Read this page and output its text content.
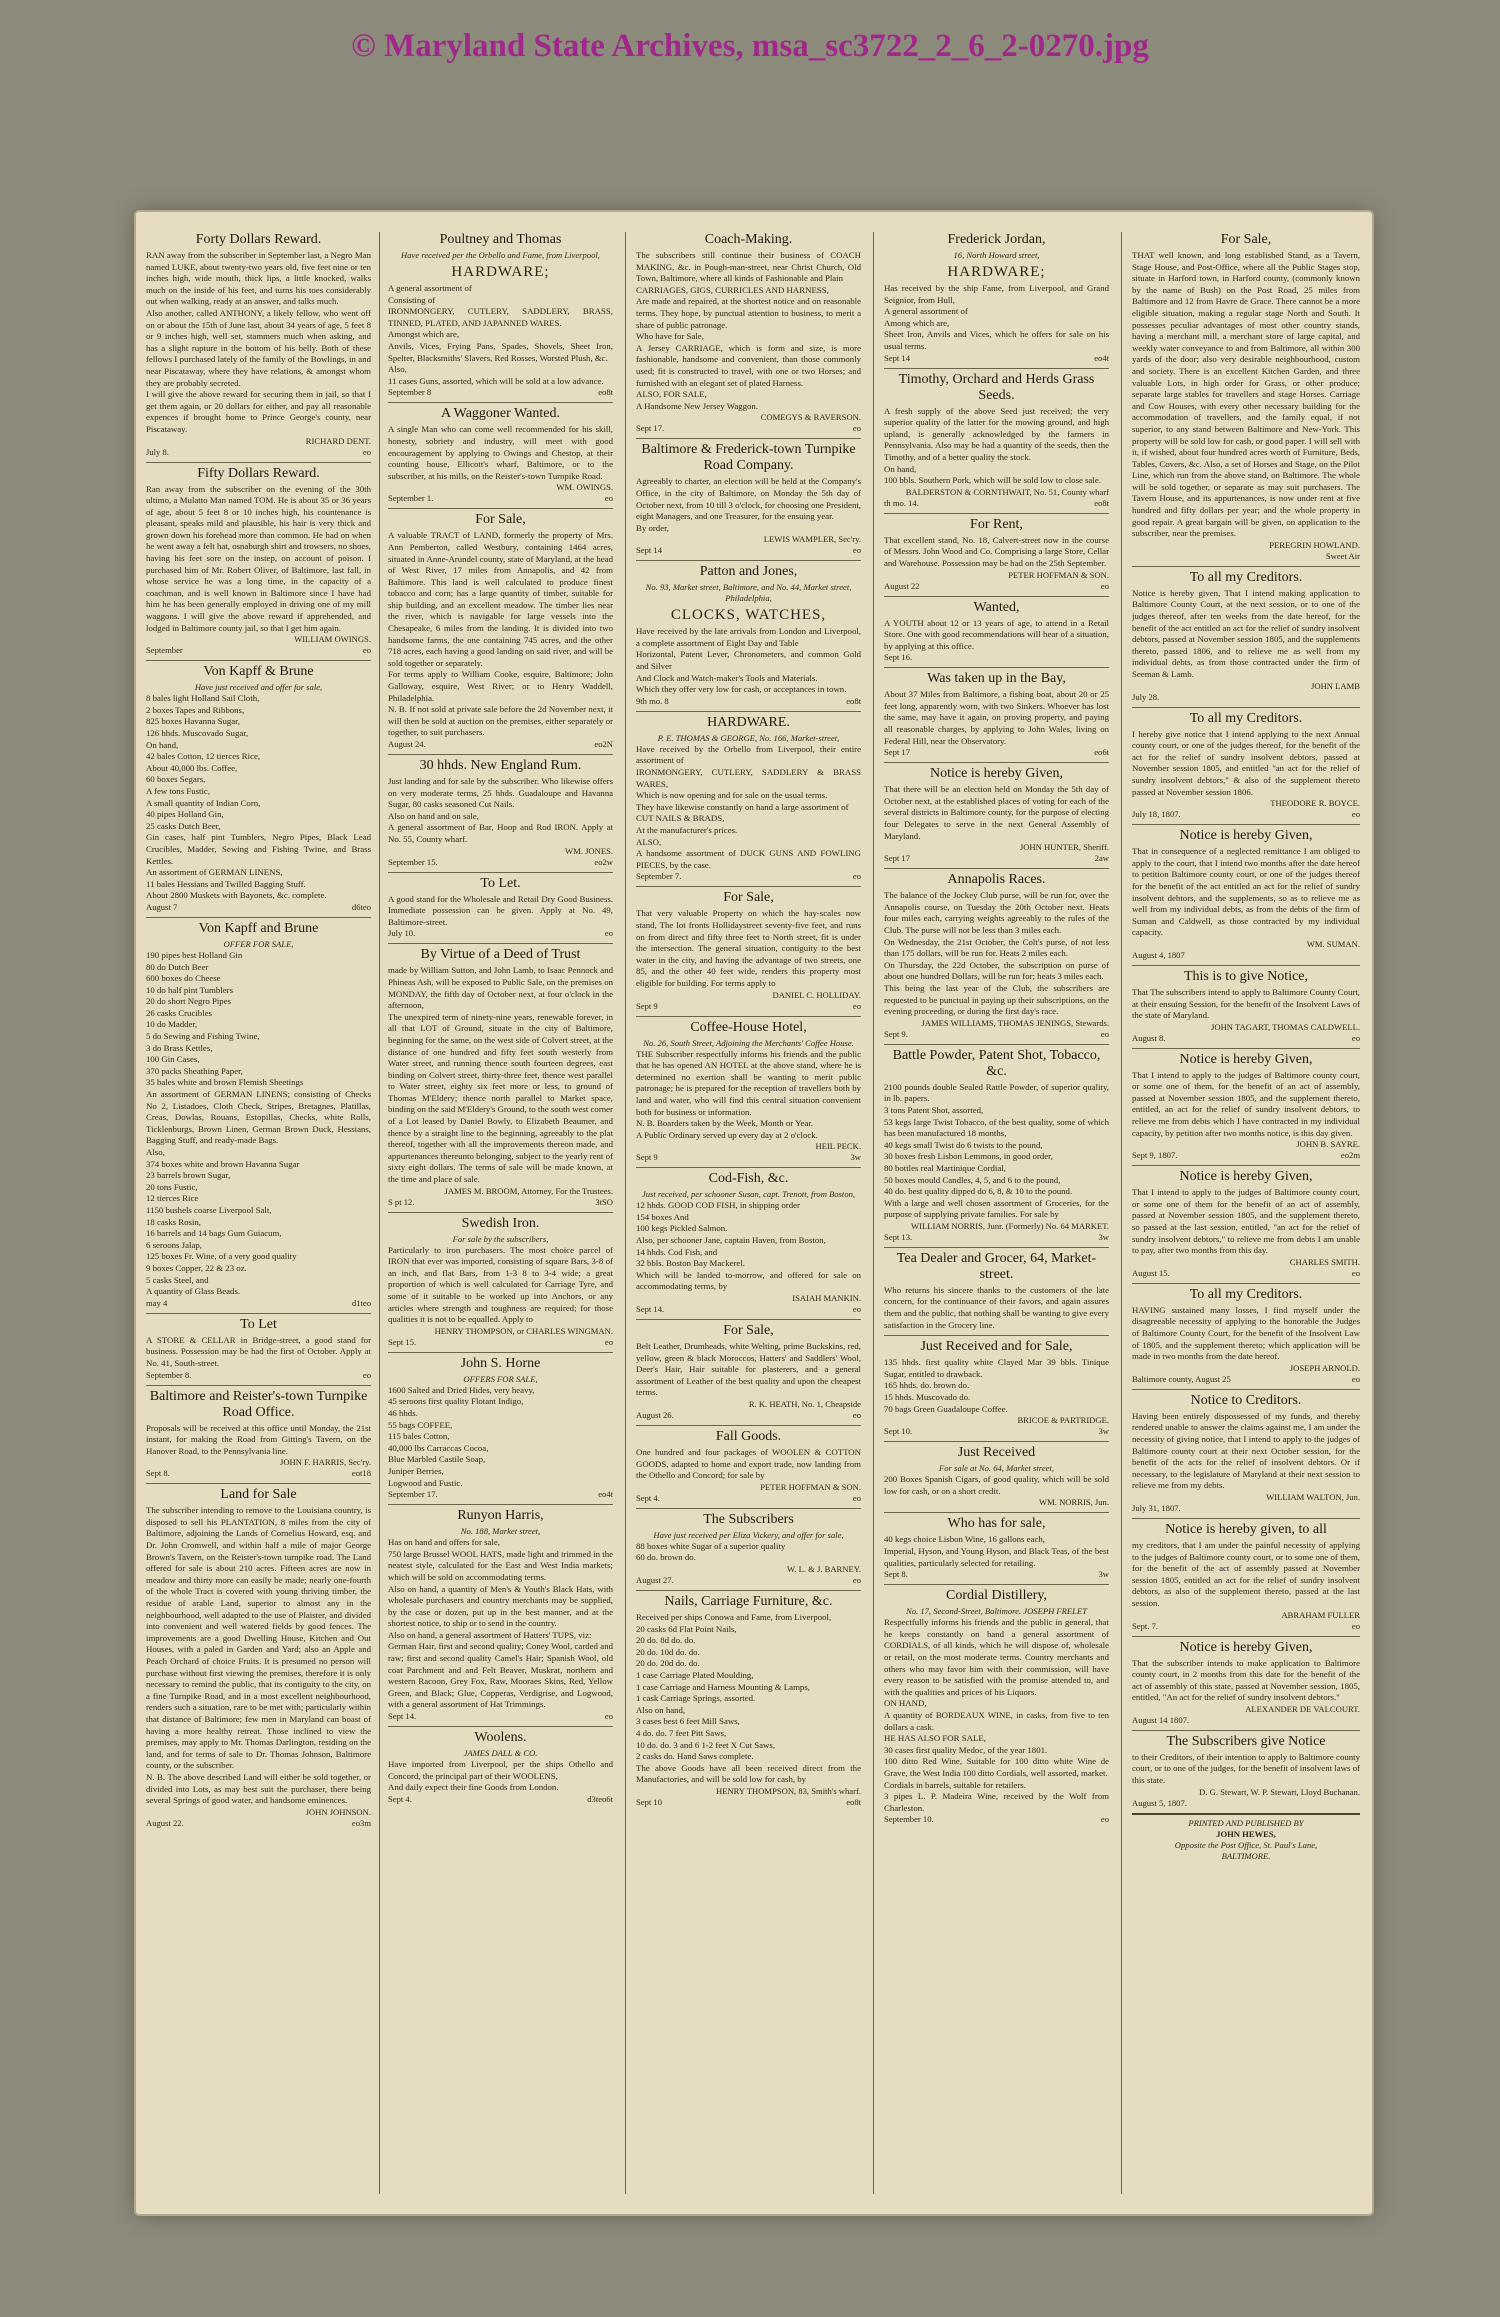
© Maryland State Archives, msa_sc3722_2_6_2-0270.jpg
Forty Dollars Reward.
RAN away from the subscriber in September last, a Negro Man named LUKE, about twenty-two years old, five feet nine or ten inches high, wide mouth, thick lips, a little knocked, walks much on the inside of his feet, and turns his toes considerably out when walking, ready at an answer, and talks much.
Also another, called ANTHONY, a likely fellow, who went off on or about the 15th of June last, about 34 years of age, 5 feet 8 or 9 inches high, well set, stammers much when asking, and has a slight rupture in the bottom of his belly. Both of these fellows I purchased lately of the family of the Bowlings, in and near Piscataway, where they have relations, & amongst whom they are probably secreted.
I will give the above reward for securing them in jail, so that I get them again, or 20 dollars for either, and pay all reasonable expences if brought home to Prince George's county, near Piscataway.
RICHARD DENT.
July 8.	eo
Fifty Dollars Reward.
Ran away from the subscriber on the evening of the 30th ultimo, a Mulatto Man named TOM. He is about 35 or 36 years of age, about 5 feet 8 or 10 inches high, his countenance is pleasant, speaks mild and plausible, his hair is very thick and grown down his forehead more than common. He had on when he went away a felt hat, osnaburgh shirt and trowsers, no shoes, having his feet sore on the instep, on account of poison. I purchased him of Mr. Robert Oliver, of Baltimore, last fall, in whose service he was a long time, in the capacity of a coachman, and is well known in Baltimore since I have had him he has been generally employed in driving one of my mill waggons. I will give the above reward if apprehended, and lodged in Baltimore county jail, so that I get him again.
WILLIAM OWINGS.
September	eo
Von Kapff & Brune
Have just received and offer for sale,
8 bales light Holland Sail Cloth,
2 boxes Tapes and Ribbons,
825 boxes Havanna Sugar,
126 hhds. Muscovado Sugar,
On hand,
42 bales Cotton, 12 tierces Rice,
About 40,000 lbs. Coffee,
60 boxes Segars,
A few tons Fustic,
A small quantity of Indian Corn,
40 pipes Holland Gin,
25 casks Dutch Beer,
Gin cases, half pint Tumblers, Negro Pipes, Black Lead Crucibles, Madder, Sewing and Fishing Twine, and Brass Kettles.
An assortment of GERMAN LINENS,
11 bales Hessians and Twilled Bagging Stuff.
About 2800 Muskets with Bayonets, &c. complete.
August 7	d6teo
Von Kapff and Brune
OFFER FOR SALE,
190 pipes best Holland Gin
80 do Dutch Beer
600 boxes do Cheese
10 do half pint Tumblers
20 do short Negro Pipes
26 casks Crucibles
10 do Madder,
5 do Sewing and Fishing Twine,
3 do Brass Kettles,
100 Gin Cases,
370 packs Sheathing Paper,
35 bales white and brown Flemish Sheetings
An assortment of GERMAN LINENS; consisting of Checks No 2, Listadoes, Cloth Check, Stripes, Bretagnes, Platillas, Creas, Dowlas, Rouans, Estopillas, Checks, white Rolls, Ticklenburgs, Brown Linen, German Brown Duck, Hessians, Bagging Stuff, and ready-made Bags.
Also,
374 boxes white and brown Havanna Sugar
23 barrels brown Sugar,
20 tons Fustic,
12 tierces Rice
1150 bushels coarse Liverpool Salt,
18 casks Rosin,
16 barrels and 14 bags Gum Guiacum,
6 seroons Jalap,
125 boxes Fr. Wine, of a very good quality
9 boxes Copper, 22 & 23 oz.
5 casks Steel, and
A quantity of Glass Beads.
may 4	d1teo
To Let
A STORE & CELLAR in Bridge-street, a good stand for business. Possession may be had the first of October. Apply at No. 41, South-street.
September 8.	eo
Baltimore and Reister's-town Turnpike Road Office.
Proposals will be received at this office until Monday, the 21st instant, for making the Road from Gitting's Tavern, on the Hanover Road, to the Pennsylvania line.
JOHN F. HARRIS, Sec'ry.
Sept 8.	eot18
Land for Sale
The subscriber intending to remove to the Louisiana country, is disposed to sell his PLANTATION, 8 miles from the city of Baltimore, adjoining the Lands of Cornelius Howard, esq. and Dr. John Cromwell, and within half a mile of major George Brown's Tavern, on the Reister's-town turnpike road. The Land offered for sale is about 210 acres. Fifteen acres are now in meadow and thirty more can easily be made; nearly one-fourth of the whole Tract is covered with young thriving timber, the residue of arable Land, superior to almost any in the neighbourhood, well adapted to the use of Plaister, and divided into convenient and well watered fields by good fences. The improvements are a good Dwelling House, Kitchen and Out Houses, with a paled in Garden and Yard; also an Apple and Peach Orchard of choice Fruits. It is presumed no person will purchase without first viewing the premises, therefore it is only necessary to remind the public, that its contiguity to the city, on a fine Turnpike Road, and in a most excellent neighbourhood, renders such a situation, rare to be met with; particularly within that distance of Baltimore; few men in Maryland can boast of having a more healthy retreat. Those inclined to view the premises, may apply to Mr. Thomas Darlington, residing on the land, and for terms of sale to Dr. Thomas Johnson, Baltimore county, or the subscriber.
N. B. The above described Land will either be sold together, or divided into Lots, as may best suit the purchaser, there being several Springs of good water, and handsome eminences.
JOHN JOHNSON.
August 22.	eo3m
Poultney and Thomas
Have received per the Orbello and Fame, from Liverpool,
HARDWARE;
A general assortment of
Consisting of
IRONMONGERY, CUTLERY, SADDLERY, BRASS, TINNED, PLATED, AND JAPANNED WARES.
Amongst which are,
Anvils, Vices, Frying Pans, Spades, Shovels, Sheet Iron, Spelter, Blacksmiths' Slavers, Red Rosses, Worsted Plush, &c.
Also,
11 cases Guns, assorted, which will be sold at a low advance.
September 8	eo8t
A Waggoner Wanted.
A single Man who can come well recommended for his skill, honesty, sobriety and industry, will meet with good encouragement by applying to Owings and Chestop, at their counting house, Ellicott's wharf, Baltimore, or to the subscriber, at his mills, on the Reister's-town Turnpike Road.
WM. OWINGS.
September 1.	eo
For Sale,
A valuable TRACT of LAND, formerly the property of Mrs. Ann Pemberton, called Westbury, containing 1464 acres, situated in Anne-Arundel county, state of Maryland, at the head of West River, 17 miles from Annapolis, and 42 from Baltimore. This land is well calculated to produce finest tobacco and corn; has a large quantity of timber, suitable for ship building, and an excellent meadow. The timber lies near the river, which is navigable for large vessels into the Chesapeake, 6 miles from the landing. It is divided into two handsome farms, the one containing 745 acres, and the other 718 acres, each having a good landing on said river, and will be sold together or separately.
For terms apply to William Cooke, esquire, Baltimore; John Galloway, esquire, West River; or to Henry Waddell, Philadelphia.
N. B. If not sold at private sale before the 2d November next, it will then be sold at auction on the premises, either separately or together, to suit purchasers.
August 24.	eo2N
30 hhds. New England Rum.
Just landing and for sale by the subscriber. Who likewise offers on very moderate terms, 25 hhds. Guadaloupe and Havanna Sugar, 80 casks seasoned Cut Nails.
Also on hand and on sale,
A general assortment of Bar, Hoop and Rod IRON. Apply at No. 55, County wharf.
WM. JONES.
September 15.	eo2w
To Let.
A good stand for the Wholesale and Retail Dry Good Business. Immediate possession can be given. Apply at No. 49, Baltimore-street.
July 10.	eo
By Virtue of a Deed of Trust
made by William Sutton, and John Lamb, to Isaac Pennock and Phineas Ash, will be exposed to Public Sale, on the premises on MONDAY, the fifth day of October next, at four o'clock in the afternoon,
The unexpired term of ninety-nine years, renewable forever, in all that LOT of Ground, situate in the city of Baltimore, beginning for the same, on the west side of Colvert street, at the distance of one hundred and fifty feet south westerly from Water street, and running thence south fourteen degrees, east binding on Colvert street, thirty-three feet, thence west parallel to Water street, eighty six feet more or less, to ground of Thomas M'Eldery; thence north parallel to Market space, binding on the said M'Eldery's Ground, to the south west corner of a Lot leased by Daniel Bowly, to Elizabeth Beaumer, and thence by a straight line to the beginning, agreeably to the plat thereof, together with all the improvements thereon made, and appurtenances thereunto belonging, subject to the yearly rent of sixty eight dollars. The terms of sale will be made known, at the time and place of sale.
JAMES M. BROOM, Attorney, For the Trustees.
S pt 12.	3tSO
Swedish Iron.
For sale by the subscribers,
Particularly to iron purchasers. The most choice parcel of IRON that ever was imported, consisting of square Bars, 3-8 of an inch, and flat Bars, from 1-3 8 to 3-4 wide; a great proportion of which is well calculated for Carriage Tyre, and some of it suitable to be worked up into Anchors, or any articles where strength and toughness are required; for those qualities it is not to be equalled. Apply to
HENRY THOMPSON, or CHARLES WINGMAN.
Sept 15.	eo
John S. Horne
OFFERS FOR SALE,
1600 Salted and Dried Hides, very heavy,
45 seroons first quality Flotant Indigo,
46 hhds.
55 bags COFFEE,
115 bales Cotton,
40,000 lbs Carraccas Cocoa,
Blue Marbled Castile Soap,
Juniper Berries,
Logwood and Fustic.
September 17.	eo4t
Runyon Harris,
No. 188, Market street,
Has on hand and offers for sale,
750 large Brussel WOOL HATS, made light and trimmed in the neatest style, calculated for the East and West India markets; which will be sold on accommodating terms.
Also on hand, a quantity of Men's & Youth's Black Hats, with wholesale purchasers and country merchants may be supplied, by the case or dozen, put up in the best manner, and at the shortest notice, to ship or to send in the country.
Also on hand, a general assortment of Hatters' TUPS, viz:
German Hair, first and second quality; Coney Wool, carded and raw; first and second quality Camel's Hair; Spanish Wool, old coat Parchment and and Felt Beaver, Muskrat, northern and western Racoon, Grey Fox, Raw, Mooraes Skins, Red, Yellow Green, and Black; Glue, Copperas, Verdigrise, and Logwood, with a general assortment of Hat Trimmings.
Sept 14.	eo
Woolens.
JAMES DALL & CO.
Have imported from Liverpool, per the ships Othello and Concord, the principal part of their WOOLENS,
And daily expect their fine Goods from London.
Sept 4.	d3teo6t
Coach-Making.
The subscribers still continue their business of COACH MAKING, &c. in Pough-man-street, near Christ Church, Old Town, Baltimore, where all kinds of Fashionable and Plain
CARRIAGES, GIGS, CURRICLES AND HARNESS,
Are made and repaired, at the shortest notice and on reasonable terms. They hope, by punctual attention to business, to merit a share of public patronage.
Who have for Sale,
A Jersey CARRIAGE, which is form and size, is more fashionable, handsome and convenient, than those commonly used; fit is constructed to travel, with one or two Horses; and furnished with an elegant set of plated Harness.
ALSO, FOR SALE,
A Handsome New Jersey Waggon.
COMEGYS & RAVERSON.
Sept 17.	eo
Baltimore & Frederick-town Turnpike Road Company.
Agreeably to charter, an election will be held at the Company's Office, in the city of Baltimore, on Monday the 5th day of October next, from 10 till 3 o'clock, for choosing one President, eight Managers, and one Treasurer, for the ensuing year.
By order,
LEWIS WAMPLER, Sec'ry.
Sept 14	eo
Patton and Jones,
No. 93, Market street, Baltimore, and No. 44, Market street, Philadelphia,
CLOCKS, WATCHES,
Have received by the late arrivals from London and Liverpool, a complete assortment of Eight Day and Table
Horizontal, Patent Lever, Chronometers, and common Gold and Silver
And Clock and Watch-maker's Tools and Materials.
Which they offer very low for cash, or acceptances in town.
9th mo. 8	eo8t
HARDWARE.
P. E. THOMAS & GEORGE, No. 166, Market-street,
Have received by the Orbello from Liverpool, their entire assortment of
IRONMONGERY, CUTLERY, SADDLERY & BRASS WARES,
Which is now opening and for sale on the usual terms.
They have likewise constantly on hand a large assortment of
CUT NAILS & BRADS,
At the manufacturer's prices.
ALSO,
A handsome assortment of DUCK GUNS AND FOWLING PIECES, by the case.
September 7.	eo
For Sale,
That very valuable Property on which the hay-scales now stand, The lot fronts Hollidaystreet seventy-five feet, and runs on from direct and fifty three feet to North street, fit is under the intersection. The general situation, contiguity to the best water in the city, and having the advantage of two streets, one 85, and the other 40 feet wide, renders this property most eligible for building. For terms apply to
DANIEL C. HOLLIDAY.
Sept 9	eo
Coffee-House Hotel,
No. 26, South Street, Adjoining the Merchants' Coffee House.
THE Subscriber respectfully informs his friends and the public that he has opened AN HOTEL at the above stand, where he is determined no exertion shall be wanting to merit public patronage; he is prepared for the reception of travellers both by land and water, who will find this central situation convenient both for business or information.
N. B. Boarders taken by the Week, Month or Year.
A Public Ordinary served up every day at 2 o'clock.
HEIL PECK.
Sept 9	3w
Cod-Fish, &c.
Just received, per schooner Susan, capt. Trenott, from Boston,
12 hhds. GOOD COD FISH, in shipping order
154 boxes And
100 kegs Pickled Salmon.
Also, per schooner Jane, captain Haven, from Boston,
14 hhds. Cod Fish, and
32 bbls. Boston Bay Mackerel.
Which will be landed to-morrow, and offered for sale on accommodating terms, by
ISAIAH MANKIN.
Sept 14.	eo
For Sale,
Belt Leather, Drumheads, white Welting, prime Buckskins, red, yellow, green & black Moroccos, Hatters' and Saddlers' Wool, Deer's Hair, Hair suitable for plasterers, and a general assortment of Leather of the best quality and upon the cheapest terms.
R. K. HEATH, No. 1, Cheapside
August 26.	eo
Fall Goods.
One hundred and four packages of WOOLEN & COTTON GOODS, adapted to home and export trade, now landing from the Othello and Concord; for sale by
PETER HOFFMAN & SON.
Sept 4.	eo
The Subscribers
Have just received per Eliza Vickery, and offer for sale,
88 boxes white Sugar of a superior quality
60 do. brown do.
W. L. & J. BARNEY.
August 27.	eo
Nails, Carriage Furniture, &c.
Received per ships Conowa and Fame, from Liverpool,
20 casks 6d Flat Point Nails,
20 do. 8d do. do.
20 do. 10d do. do.
20 do. 20d do. do.
1 case Carriage Plated Moulding,
1 case Carriage and Harness Mounting & Lamps,
1 cask Carriage Springs, assorted.
Also on hand,
3 cases best 6 feet Mill Saws,
4 do. do. 7 feet Pitt Saws,
10 do. do. 3 and 6 1-2 feet X Cut Saws,
2 casks do. Hand Saws complete.
The above Goods have all been received direct from the Manufactories, and will be sold low for cash, by
HENRY THOMPSON, 83, Smith's wharf.
Sept 10	eo8t
Frederick Jordan,
16, North Howard street,
HARDWARE;
Has received by the ship Fame, from Liverpool, and Grand Seignior, from Hull,
A general assortment of
Among which are,
Sheet Iron, Anvils and Vices, which he offers for sale on his usual terms.
Sept 14	eo4t
Timothy, Orchard and Herds Grass Seeds.
A fresh supply of the above Seed just received; the very superior quality of the latter for the mowing ground, and high upland, is generally acknowledged by the farmers in Pennsylvania. Also may be had a quantity of the seeds, then the Timothy, and of a better quality the stock.
On hand,
100 bbls. Southern Pork, which will be sold low to close sale.
BALDERSTON & CORNTHWAIT, No. 51, County wharf
th mo. 14.	eo8t
For Rent,
That excellent stand, No. 18, Calvert-street now in the course of Messrs. John Wood and Co. Comprising a large Store, Cellar and Warehouse. Possession may be had on the 25th September.
PETER HOFFMAN & SON.
August 22	eo
Wanted,
A YOUTH about 12 or 13 years of age, to attend in a Retail Store. One with good recommendations will hear of a situation, by applying at this office.
Sept 16.
Was taken up in the Bay,
About 37 Miles from Baltimore, a fishing boat, about 20 or 25 feet long, apparently worn, with two Sinkers. Whoever has lost the same, may have it again, on proving property, and paying all reasonable charges, by applying to John Wales, living on Federal Hill, near the Observatory.
Sept 17	eo6t
Notice is hereby Given,
That there will be an election held on Monday the 5th day of October next, at the established places of voting for each of the several districts in Baltimore county, for the purpose of electing four Delegates to serve in the next General Assembly of Maryland.
JOHN HUNTER, Sheriff.
Sept 17	2aw
Annapolis Races.
The balance of the Jockey Club purse, will be run for, over the Annapolis course, on Tuesday the 20th October next. Heats four miles each, carrying weights agreeably to the rules of the Club. The purse will not be less than 3 miles each.
On Wednesday, the 21st October, the Colt's purse, of not less than 175 dollars, will be run for. Heats 2 miles each.
On Thursday, the 22d October, the subscription on purse of about one hundred Dollars, will be run for; heats 3 miles each.
This being the last year of the Club, the subscribers are requested to be punctual in paying up their subscriptions, on the evening proceeding, or during the first day's race.
JAMES WILLIAMS, THOMAS JENINGS, Stewards.
Sept 9.	eo
Battle Powder, Patent Shot, Tobacco, &c.
2100 pounds double Sealed Rattle Powder, of superior quality, in lb. papers.
3 tons Patent Shot, assorted,
53 kegs large Twist Tobacco, of the best quality, some of which has been manufactured 18 months,
40 kegs small Twist do 6 twists to the pound,
30 boxes fresh Lisbon Lemmons, in good order,
80 bottles real Martinique Cordial,
50 boxes mould Candles, 4, 5, and 6 to the pound,
40 do. best quality dipped do 6, 8, & 10 to the pound.
With a large and well chosen assortment of Groceries, for the purpose of supplying private families. For sale by
WILLIAM NORRIS, Junr. (Formerly) No. 64 MARKET.
Sept 13.	3w
Tea Dealer and Grocer, 64, Market-street.
Who returns his sincere thanks to the customers of the late concern, for the continuance of their favors, and again assures them and the public, that nothing shall be wanting to give every satisfaction in the Grocery line.
Just Received and for Sale,
135 hhds. first quality white Clayed Mar 39 bbls. Tinique Sugar, entitled to drawback.
165 hhds. do. brown do.
15 hhds. Muscovado do.
70 bags Green Guadaloupe Coffee.
BRICOE & PARTRIDGE.
Sept 10.	3w
Just Received
For sale at No. 64, Market street,
200 Boxes Spanish Cigars, of good quality, which will be sold low for cash, or on a short credit.
WM. NORRIS, Jun.
Who has for sale,
40 kegs choice Lisbon Wine, 16 gallons each,
Imperial, Hyson, and Young Hyson, and Black Teas, of the best qualities, particularly selected for retailing.
Sept 8.	3w
Cordial Distillery,
No. 17, Second-Street, Baltimore. JOSEPH FRELET
Respectfully informs his friends and the public in general, that he keeps constantly on hand a general assortment of CORDIALS, of all kinds, which he will dispose of, wholesale or retail, on the most moderate terms. Country merchants and others who may favor him with their commission, will have every reason to be satisfied with the promise attended to, and with the qualities and prices of his Liquors.
ON HAND,
A quantity of BORDEAUX WINE, in casks, from five to ten dollars a cask.
HE HAS ALSO FOR SALE,
30 cases first quality Medoc, of the year 1801.
100 ditto Red Wine, Suitable for 100 ditto white Wine de Grave, the West India 100 ditto Cordials, well assorted, market.
Cordials in barrels, suitable for retailers.
3 pipes L. P. Madeira Wine, received by the Wolf from Charleston.
September 10.	eo
For Sale,
THAT well known, and long established Stand, as a Tavern, Stage House, and Post-Office, where all the Public Stages stop, situate in Harford town, in Harford county, (commonly known by the name of Bush) on the Post Road, 25 miles from Baltimore and 12 from Havre de Grace. There cannot be a more eligible situation, making a regular stage North and South. It possesses peculiar advantages of most other country stands, having a merchant mill, a merchant store of large capital, and weekly water conveyance to and from Baltimore, all within 300 yards of the door; also very desirable neighbourhood, custom and society. There is an excellent Kitchen Garden, and three valuable Lots, in high order for Grass, or other produce; separate large stables for travellers and stage Horses. Carriage and Cow Houses, with every other necessary building for the accommodation of travellers, and the family equal, if not superior, to any stand between Baltimore and New-York. This property will be sold low for cash, or good paper. I will sell with it, if wished, about four hundred acres worth of Furniture, Beds, Tables, Covers, &c. Also, a set of Horses and Stage, on the Pilot Line, which run from the above stand, on Baltimore. The whole will be sold together, or separate as may suit purchasers. The Tavern House, and its appurtenances, is now under rent at five hundred and fifty dollars per year; and the whole property in good repair. A great bargain will be given, on application to the subscriber, near the premises.
PEREGRIN HOWLAND.
Sweet Air
To all my Creditors.
Notice is hereby given, That I intend making application to Baltimore County Court, at the next session, or to one of the judges thereof, after ten weeks from the date hereof, for the benefit of the act entitled an act for the relief of sundry insolvent debtors, passed at November session 1805, and the supplements thereto, passed 1806, and to relieve me as well from my individual debts, as from those contracted under the firm of Seeman & Lamb.
JOHN LAMB
July 28.
To all my Creditors.
I hereby give notice that I intend applying to the next Annual county court, or one of the judges thereof, for the benefit of the act for the relief of sundry insolvent debtors, passed at November session 1805, and entitled "an act for the relief of sundry insolvent debtors," & also of the supplement thereto passed at November session 1806.
THEODORE R. BOYCE.
July 18, 1807.	eo
Notice is hereby Given,
That in consequence of a neglected remittance I am obliged to apply to the court, that I intend two months after the date hereof to petition Baltimore county court, or one of the judges thereof for the benefit of the act entitled an act for the relief of sundry insolvent debtors, and the supplements, so as to relieve me as well from my individual debts, as from the debts of the firm of Suman and Caldwell, as those contracted by my individual capacity.
WM. SUMAN.
August 4, 1807
This is to give Notice,
That The subscribers intend to apply to Baltimore County Court, at their ensuing Session, for the benefit of the Insolvent Laws of the state of Maryland.
JOHN TAGART, THOMAS CALDWELL.
August 8.	eo
Notice is hereby Given,
That I intend to apply to the judges of Baltimore county court, or some one of them, for the benefit of an act of assembly, passed at November session 1805, and the supplement thereto, entitled, an act for the relief of sundry insolvent debtors, to relieve me from debts which I have contracted in my individual capacity, by petition after two months notice, is this day given.
JOHN B. SAYRE.
Sept 9, 1807.	eo2m
Notice is hereby Given,
That I intend to apply to the judges of Baltimore county court, or some one of them for the benefit of an act of assembly, passed at November session 1805, and the supplement thereto, so passed at the last session, entitled, "an act for the relief of sundry insolvent debtors," to relieve me from debts I am unable to pay, after two months from this day.
CHARLES SMITH.
August 15.	eo
To all my Creditors.
HAVING sustained many losses, I find myself under the disagreeable necessity of applying to the honorable the Judges of Baltimore County Court, for the benefit of the Insolvent Law of 1805, and the supplement thereto; which application will be made in two months from the date hereof.
JOSEPH ARNOLD.
Baltimore county, August 25	eo
Notice to Creditors.
Having been entirely dispossessed of my funds, and thereby rendered unable to answer the claims against me, I am under the necessity of giving notice, that I intend to apply to the judges of Baltimore county court at their next October session, for the benefit of the acts for the relief of insolvent debtors. Or if necessary, to the legislature of Maryland at their next session to relieve me from my debts.
WILLIAM WALTON, Jun.
July 31, 1807.
Notice is hereby given, to all
my creditors, that I am under the painful necessity of applying to the judges of Baltimore county court, or to some one of them, for the benefit of the act of assembly passed at November session 1805, entitled an act for the relief of sundry insolvent debtors, as also of the supplement thereto, passed at the last session.
ABRAHAM FULLER
Sept. 7.	eo
Notice is hereby Given,
That the subscriber intends to make application to Baltimore county court, in 2 months from this date for the benefit of the act of assembly of this state, passed at November session, 1805, entitled, "An act for the relief of sundry insolvent debtors."
ALEXANDER DE VALCOURT.
August 14 1807.
The Subscribers give Notice
to their Creditors, of their intention to apply to Baltimore county court, or to one of the judges, for the benefit of insolvent laws of this state.
D. G. Stewart, W. P. Stewart, Lloyd Buchanan.
August 5, 1807.
PRINTED AND PUBLISHED BY
JOHN HEWES,
Opposite the Post Office, St. Paul's Lane,
BALTIMORE.
